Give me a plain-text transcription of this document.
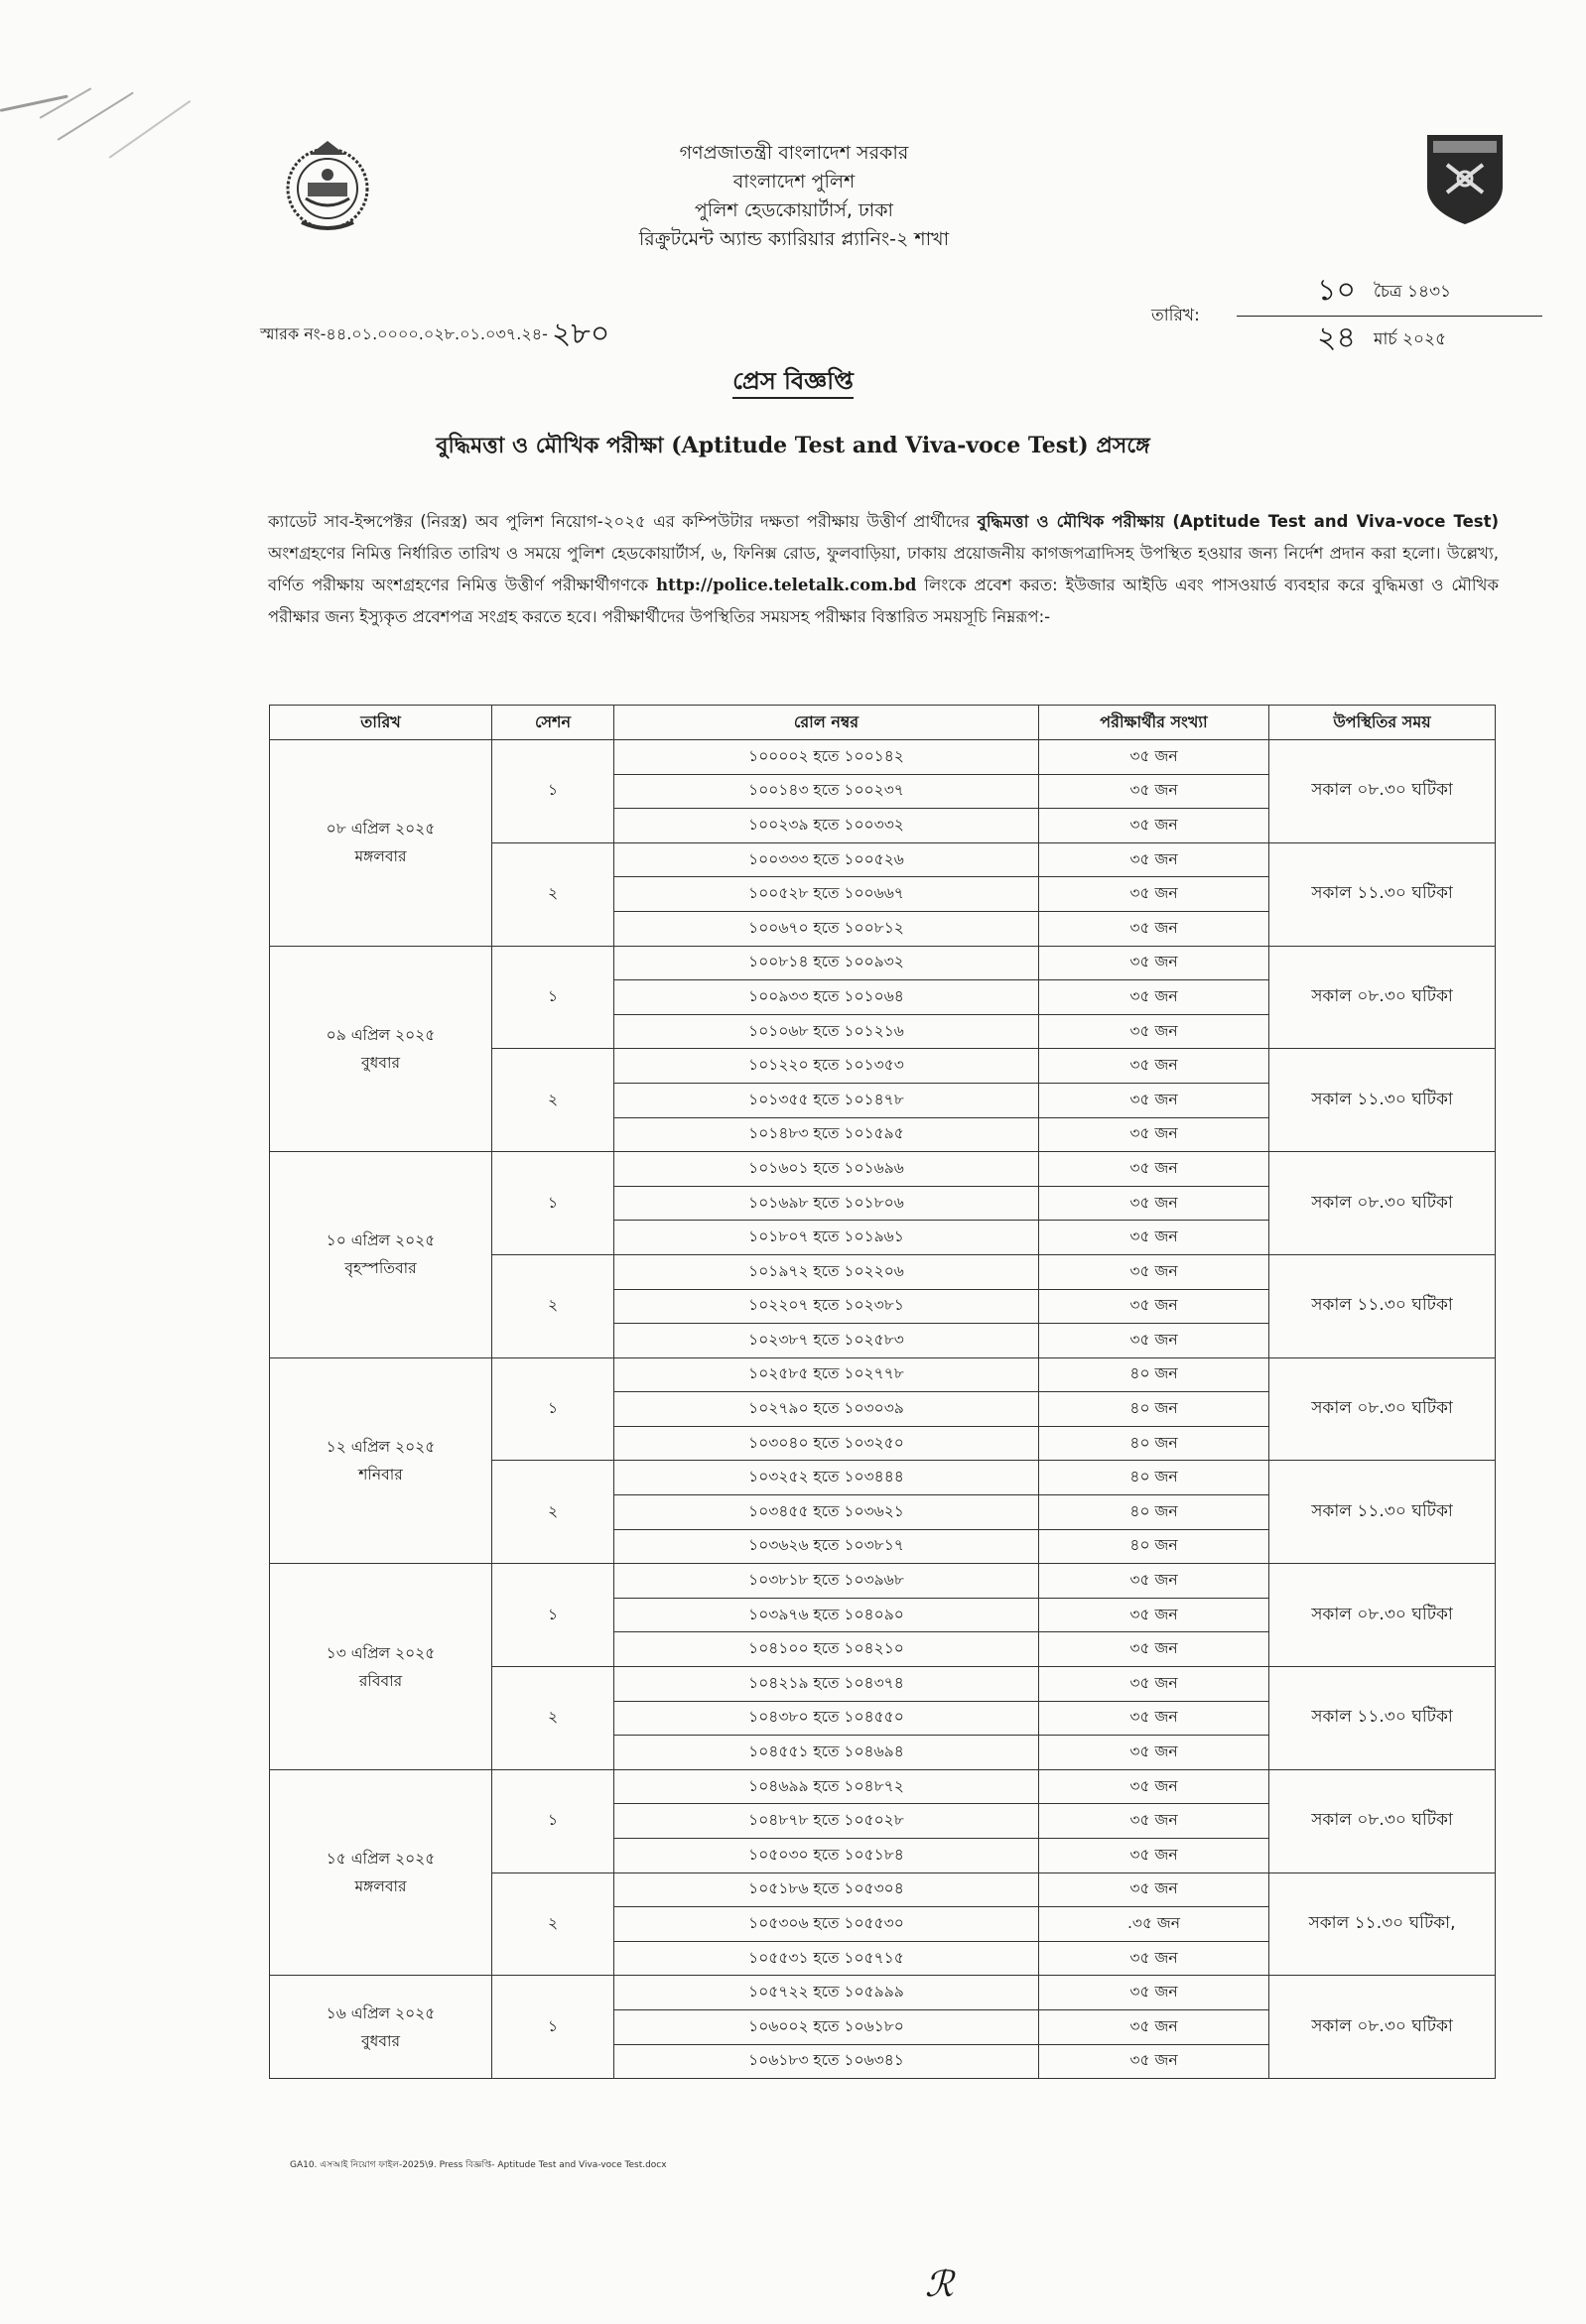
গণপ্রজাতন্ত্রী বাংলাদেশ সরকার
বাংলাদেশ পুলিশ
পুলিশ হেডকোয়ার্টার্স, ঢাকা
রিক্রুটমেন্ট অ্যান্ড ক্যারিয়ার প্ল্যানিং-২ শাখা
স্মারক নং-৪৪.০১.০০০০.০২৮.০১.০৩৭.২৪- ২৮০
তারিখ:
১০ চৈত্র ১৪৩১
২৪ মার্চ ২০২৫
প্রেস বিজ্ঞপ্তি
বুদ্ধিমত্তা ও মৌখিক পরীক্ষা (Aptitude Test and Viva-voce Test) প্রসঙ্গে
ক্যাডেট সাব-ইন্সপেক্টর (নিরস্ত্র) অব পুলিশ নিয়োগ-২০২৫ এর কম্পিউটার দক্ষতা পরীক্ষায় উত্তীর্ণ প্রার্থীদের বুদ্ধিমত্তা ও মৌখিক পরীক্ষায় (Aptitude Test and Viva-voce Test) অংশগ্রহণের নিমিত্ত নির্ধারিত তারিখ ও সময়ে পুলিশ হেডকোয়ার্টার্স, ৬, ফিনিক্স রোড, ফুলবাড়িয়া, ঢাকায় প্রয়োজনীয় কাগজপত্রাদিসহ উপস্থিত হওয়ার জন্য নির্দেশ প্রদান করা হলো। উল্লেখ্য, বর্ণিত পরীক্ষায় অংশগ্রহণের নিমিত্ত উত্তীর্ণ পরীক্ষার্থীগণকে http://police.teletalk.com.bd লিংকে প্রবেশ করত: ইউজার আইডি এবং পাসওয়ার্ড ব্যবহার করে বুদ্ধিমত্তা ও মৌখিক পরীক্ষার জন্য ইস্যুকৃত প্রবেশপত্র সংগ্রহ করতে হবে। পরীক্ষার্থীদের উপস্থিতির সময়সহ পরীক্ষার বিস্তারিত সময়সূচি নিম্নরূপ:-
তারিখ	সেশন	রোল নম্বর	পরীক্ষার্থীর সংখ্যা	উপস্থিতির সময়

০৮ এপ্রিল ২০২৫
মঙ্গলবার	১	১০০০০২ হতে ১০০১৪২	৩৫ জন	সকাল ০৮.৩০ ঘটিকা
		১০০১৪৩ হতে ১০০২৩৭	৩৫ জন	
		১০০২৩৯ হতে ১০০৩৩২	৩৫ জন	
	২	১০০৩৩৩ হতে ১০০৫২৬	৩৫ জন	সকাল ১১.৩০ ঘটিকা
		১০০৫২৮ হতে ১০০৬৬৭	৩৫ জন	
		১০০৬৭০ হতে ১০০৮১২	৩৫ জন	

০৯ এপ্রিল ২০২৫
বুধবার	১	১০০৮১৪ হতে ১০০৯৩২	৩৫ জন	সকাল ০৮.৩০ ঘটিকা
		১০০৯৩৩ হতে ১০১০৬৪	৩৫ জন	
		১০১০৬৮ হতে ১০১২১৬	৩৫ জন	
	২	১০১২২০ হতে ১০১৩৫৩	৩৫ জন	সকাল ১১.৩০ ঘটিকা
		১০১৩৫৫ হতে ১০১৪৭৮	৩৫ জন	
		১০১৪৮৩ হতে ১০১৫৯৫	৩৫ জন	

১০ এপ্রিল ২০২৫
বৃহস্পতিবার	১	১০১৬০১ হতে ১০১৬৯৬	৩৫ জন	সকাল ০৮.৩০ ঘটিকা
		১০১৬৯৮ হতে ১০১৮০৬	৩৫ জন	
		১০১৮০৭ হতে ১০১৯৬১	৩৫ জন	
	২	১০১৯৭২ হতে ১০২২০৬	৩৫ জন	সকাল ১১.৩০ ঘটিকা
		১০২২০৭ হতে ১০২৩৮১	৩৫ জন	
		১০২৩৮৭ হতে ১০২৫৮৩	৩৫ জন	

১২ এপ্রিল ২০২৫
শনিবার	১	১০২৫৮৫ হতে ১০২৭৭৮	৪০ জন	সকাল ০৮.৩০ ঘটিকা
		১০২৭৯০ হতে ১০৩০৩৯	৪০ জন	
		১০৩০৪০ হতে ১০৩২৫০	৪০ জন	
	২	১০৩২৫২ হতে ১০৩৪৪৪	৪০ জন	সকাল ১১.৩০ ঘটিকা
		১০৩৪৫৫ হতে ১০৩৬২১	৪০ জন	
		১০৩৬২৬ হতে ১০৩৮১৭	৪০ জন	

১৩ এপ্রিল ২০২৫
রবিবার	১	১০৩৮১৮ হতে ১০৩৯৬৮	৩৫ জন	সকাল ০৮.৩০ ঘটিকা
		১০৩৯৭৬ হতে ১০৪০৯০	৩৫ জন	
		১০৪১০০ হতে ১০৪২১০	৩৫ জন	
	২	১০৪২১৯ হতে ১০৪৩৭৪	৩৫ জন	সকাল ১১.৩০ ঘটিকা
		১০৪৩৮০ হতে ১০৪৫৫০	৩৫ জন	
		১০৪৫৫১ হতে ১০৪৬৯৪	৩৫ জন	

১৫ এপ্রিল ২০২৫
মঙ্গলবার	১	১০৪৬৯৯ হতে ১০৪৮৭২	৩৫ জন	সকাল ০৮.৩০ ঘটিকা
		১০৪৮৭৮ হতে ১০৫০২৮	৩৫ জন	
		১০৫০৩০ হতে ১০৫১৮৪	৩৫ জন	
	২	১০৫১৮৬ হতে ১০৫৩০৪	৩৫ জন	সকাল ১১.৩০ ঘটিকা,
		১০৫৩০৬ হতে ১০৫৫৩০	.৩৫ জন	
		১০৫৫৩১ হতে ১০৫৭১৫	৩৫ জন	

১৬ এপ্রিল ২০২৫
বুধবার	১	১০৫৭২২ হতে ১০৫৯৯৯	৩৫ জন	সকাল ০৮.৩০ ঘটিকা
		১০৬০০২ হতে ১০৬১৮০	৩৫ জন	
		১০৬১৮৩ হতে ১০৬৩৪১	৩৫ জন	
GA10. এসআই নিয়োগ ফাইল-2025\9. Press বিজ্ঞপ্তি- Aptitude Test and Viva-voce Test.docx
ℛ
